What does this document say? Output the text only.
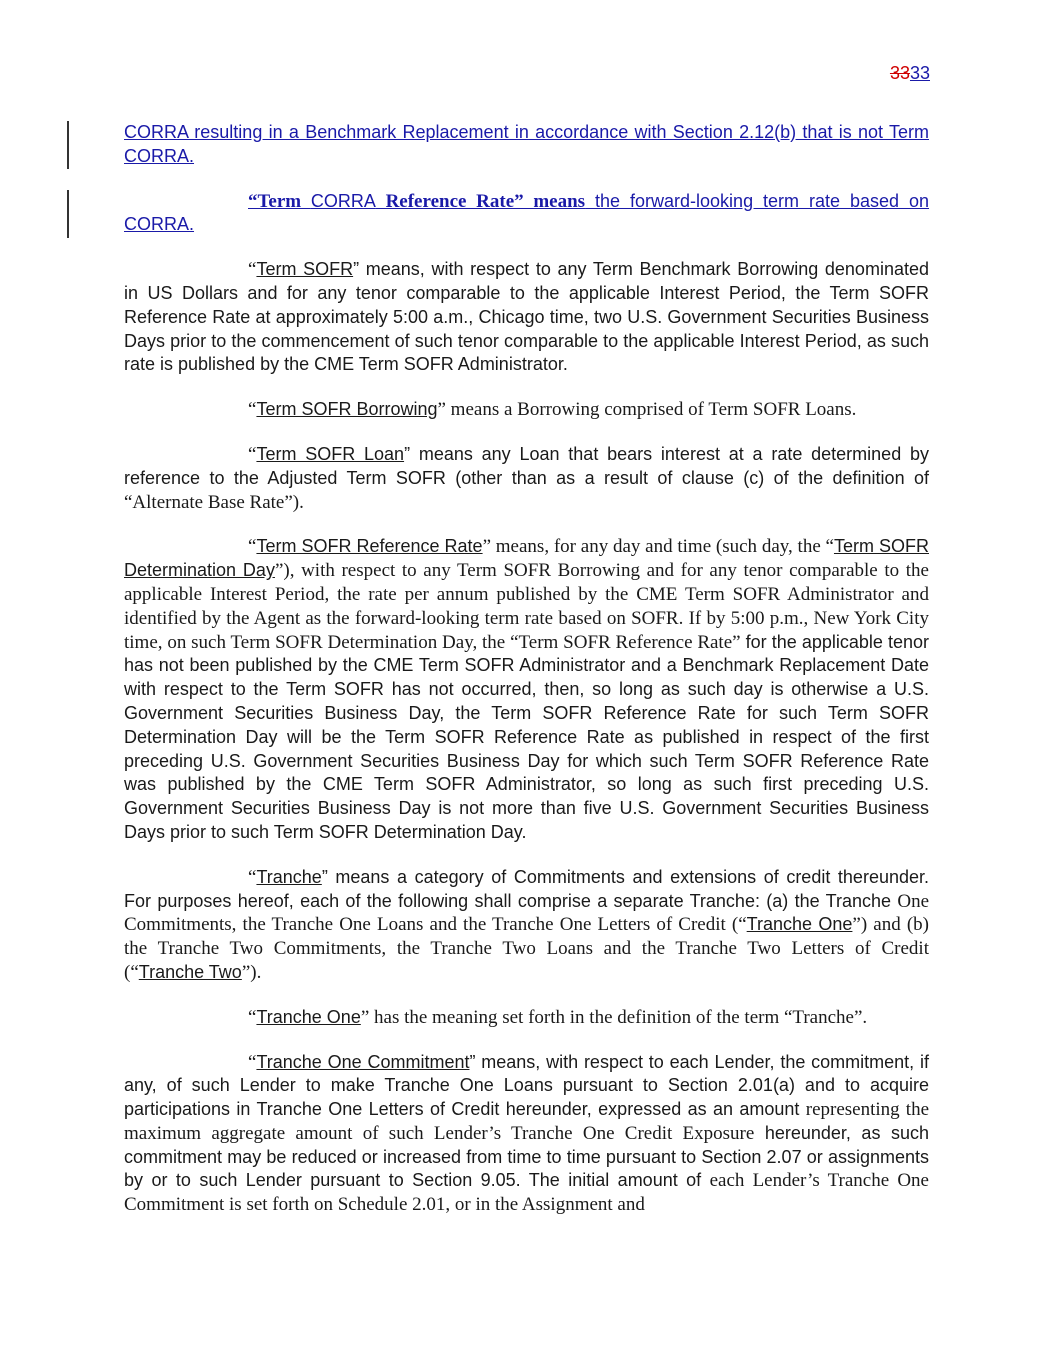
3333

CORRA resulting in a Benchmark Replacement in accordance with Section 2.12(b) that is not Term CORRA.

“Term CORRA Reference Rate” means the forward-looking term rate based on CORRA.

“Term SOFR” means, with respect to any Term Benchmark Borrowing denominated in US Dollars and for any tenor comparable to the applicable Interest Period, the Term SOFR Reference Rate at approximately 5:00 a.m., Chicago time, two U.S. Government Securities Business Days prior to the commencement of such tenor comparable to the applicable Interest Period, as such rate is published by the CME Term SOFR Administrator.

“Term SOFR Borrowing” means a Borrowing comprised of Term SOFR Loans.

“Term SOFR Loan” means any Loan that bears interest at a rate determined by reference to the Adjusted Term SOFR (other than as a result of clause (c) of the definition of “Alternate Base Rate”).

“Term SOFR Reference Rate” means, for any day and time (such day, the “Term SOFR Determination Day”), with respect to any Term SOFR Borrowing and for any tenor comparable to the applicable Interest Period, the rate per annum published by the CME Term SOFR Administrator and identified by the Agent as the forward-looking term rate based on SOFR. If by 5:00 p.m., New York City time, on such Term SOFR Determination Day, the “Term SOFR Reference Rate” for the applicable tenor has not been published by the CME Term SOFR Administrator and a Benchmark Replacement Date with respect to the Term SOFR has not occurred, then, so long as such day is otherwise a U.S. Government Securities Business Day, the Term SOFR Reference Rate for such Term SOFR Determination Day will be the Term SOFR Reference Rate as published in respect of the first preceding U.S. Government Securities Business Day for which such Term SOFR Reference Rate was published by the CME Term SOFR Administrator, so long as such first preceding U.S. Government Securities Business Day is not more than five U.S. Government Securities Business Days prior to such Term SOFR Determination Day.

“Tranche” means a category of Commitments and extensions of credit thereunder. For purposes hereof, each of the following shall comprise a separate Tranche: (a) the Tranche One Commitments, the Tranche One Loans and the Tranche One Letters of Credit (“Tranche One”) and (b) the Tranche Two Commitments, the Tranche Two Loans and the Tranche Two Letters of Credit (“Tranche Two”).

“Tranche One” has the meaning set forth in the definition of the term “Tranche”.

“Tranche One Commitment” means, with respect to each Lender, the commitment, if any, of such Lender to make Tranche One Loans pursuant to Section 2.01(a) and to acquire participations in Tranche One Letters of Credit hereunder, expressed as an amount representing the maximum aggregate amount of such Lender’s Tranche One Credit Exposure hereunder, as such commitment may be reduced or increased from time to time pursuant to Section 2.07 or assignments by or to such Lender pursuant to Section 9.05. The initial amount of each Lender’s Tranche One Commitment is set forth on Schedule 2.01, or in the Assignment and
